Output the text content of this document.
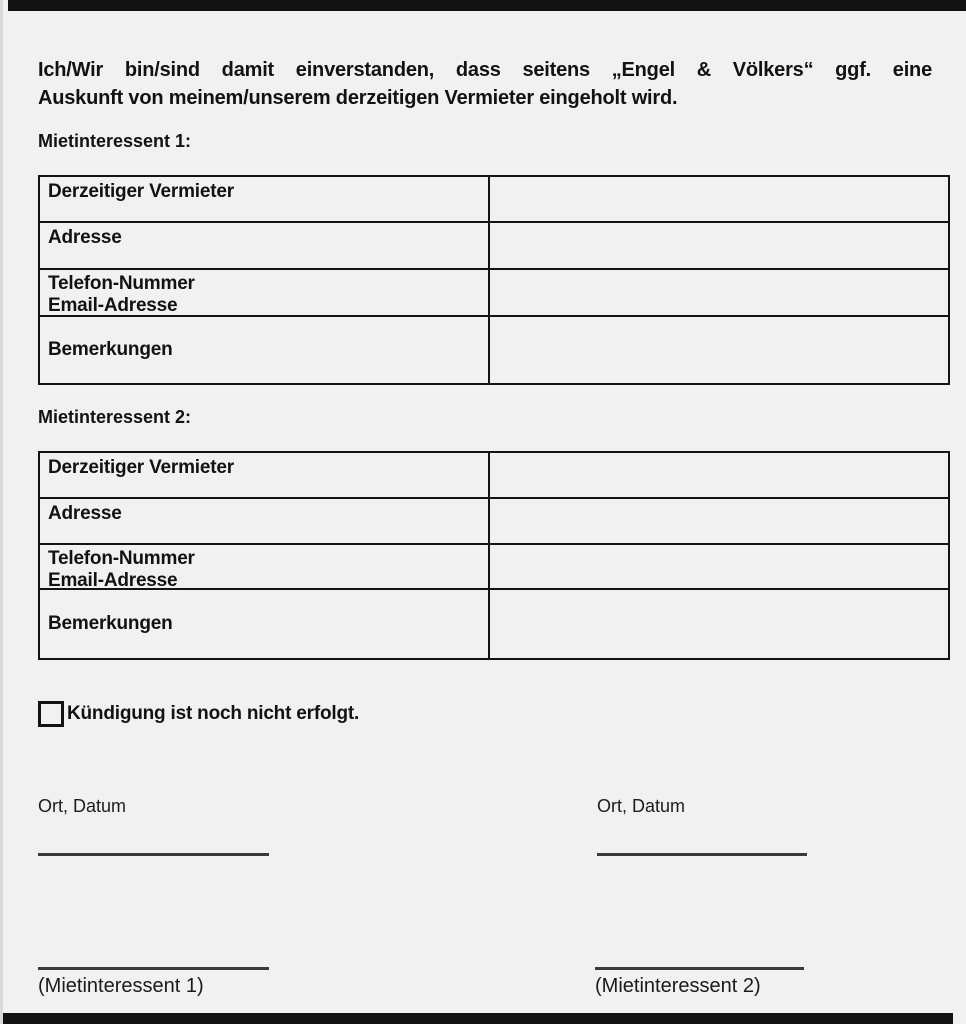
Ich/Wir bin/sind damit einverstanden, dass seitens „Engel & Völkers“ ggf. eine
Auskunft von meinem/unserem derzeitigen Vermieter eingeholt wird.
Mietinteressent 1:
Derzeitiger Vermieter
Adresse
Telefon-Nummer
Email-Adresse
Bemerkungen
Mietinteressent 2:
Derzeitiger Vermieter
Adresse
Telefon-Nummer
Email-Adresse
Bemerkungen
Kündigung ist noch nicht erfolgt.
Ort, Datum	Ort, Datum
(Mietinteressent 1)	(Mietinteressent 2)
